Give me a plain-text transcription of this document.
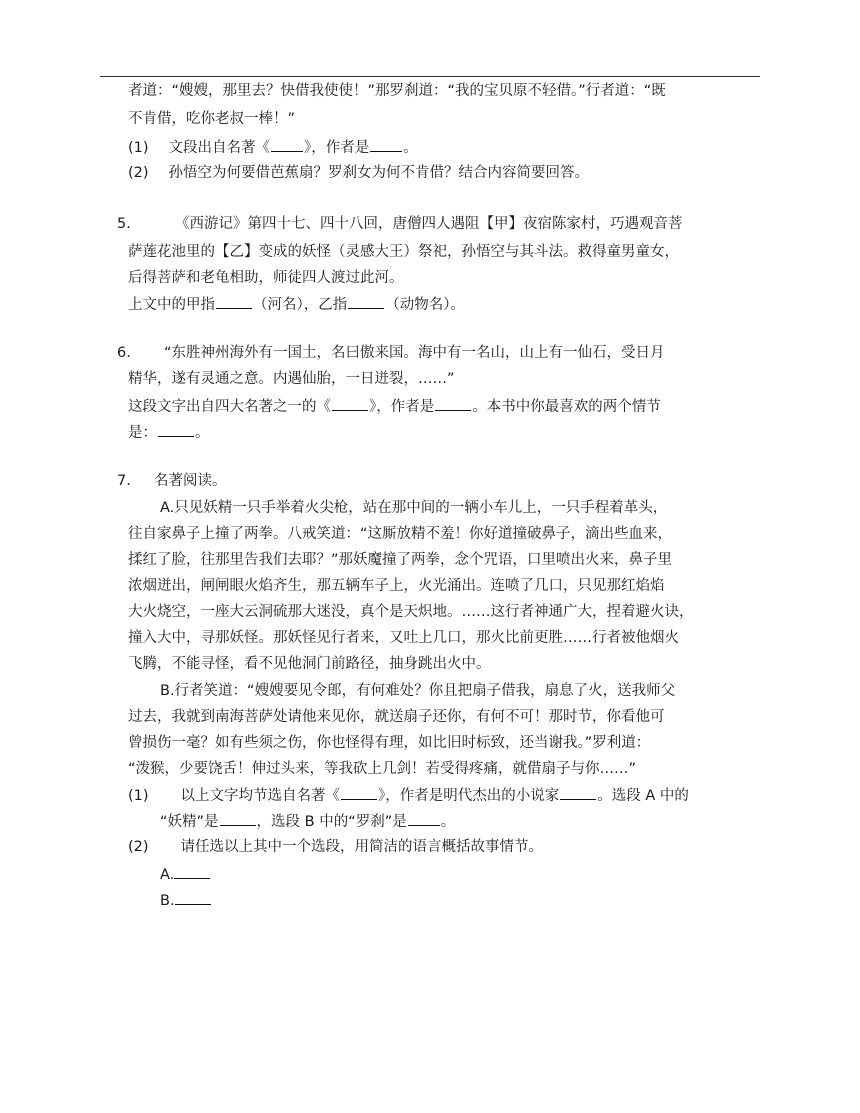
者道：“嫂嫂，那里去？快借我使使！”那罗刹道：“我的宝贝原不轻借。”行者道：“既
不肯借，吃你老叔一棒！”
(1) 文段出自名著《 》，作者是 。
(2) 孙悟空为何要借芭蕉扇？罗刹女为何不肯借？结合内容简要回答。
5.	《西游记》第四十七、四十八回，唐僧四人遇阻【甲】夜宿陈家村，巧遇观音菩
萨莲花池里的【乙】变成的妖怪（灵感大王）祭祀，孙悟空与其斗法。救得童男童女，
后得菩萨和老龟相助，师徒四人渡过此河。
上文中的甲指	（河名），乙指	（动物名）。
6. “东胜神州海外有一国土，名曰傲来国。海中有一名山，山上有一仙石，受日月
精华，遂有灵通之意。内遇仙胎，一日迸裂，……”
这段文字出自四大名著之一的《	》，作者是	。本书中你最喜欢的两个情节
是：	。
7. 名著阅读。
A.只见妖精一只手举着火尖枪，站在那中间的一辆小车儿上，一只手程着革头，
往自家鼻子上撞了两拳。八戒笑道：“这厮放精不羞！你好道撞破鼻子，滴出些血来，
揉红了脸，往那里告我们去耶？”那妖魔撞了两拳，念个咒语，口里喷出火来，鼻子里
浓烟迸出，闸闸眼火焰齐生，那五辆车子上，火光涌出。连喷了几口，只见那红焰焰
大火烧空，一座大云洞硫那大迷没，真个是天炽地。……这行者神通广大，捏着避火诀，
撞入大中，寻那妖怪。那妖怪见行者来，又吐上几口，那火比前更胜……行者被他烟火
飞腾，不能寻怪，看不见他洞门前路径，抽身跳出火中。
B.行者笑道：“嫂嫂要见令郎，有何难处？你且把扇子借我，扇息了火，送我师父
过去，我就到南海菩萨处请他来见你，就送扇子还你，有何不可！那时节，你看他可
曾损伤一毫？如有些须之伤，你也怪得有理，如比旧时标致，还当谢我。”罗利道：
“泼猴，少要饶舌！伸过头来，等我砍上几剑！若受得疼痛，就借扇子与你……”
(1) 以上文字均节选自名著《	》，作者是明代杰出的小说家	。选段 A 中的
“妖精”是	，选段 B 中的“罗刹”是 。
(2) 请任选以上其中一个选段，用简洁的语言概括故事情节。
A.
B.
